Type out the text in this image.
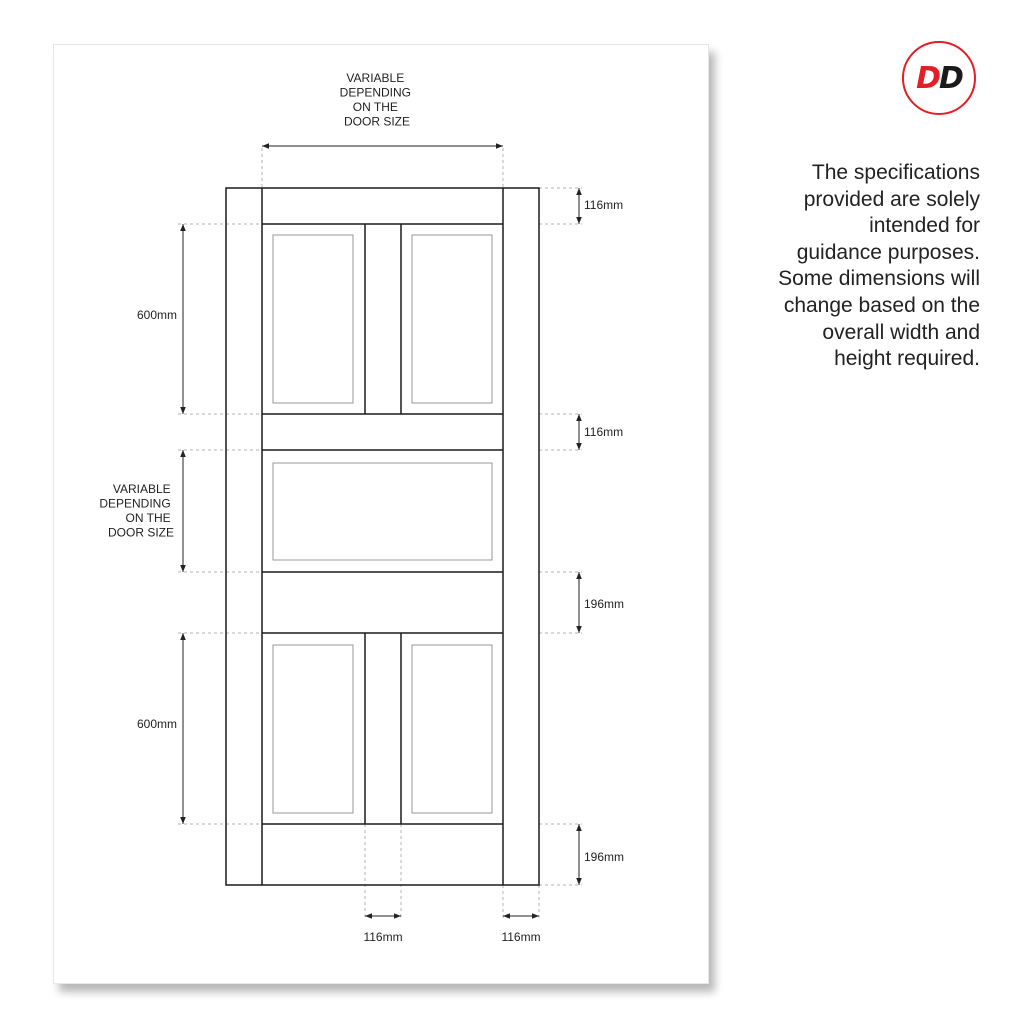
D D
The specifications
provided are solely
intended for
guidance purposes.
Some dimensions will
change based on the
overall width and
height required.
VARIABLE DEPENDING ON THE DOOR SIZE
116mm
600mm
116mm
VARIABLE DEPENDING ON THE DOOR SIZE
196mm
600mm
196mm
116mm	116mm
